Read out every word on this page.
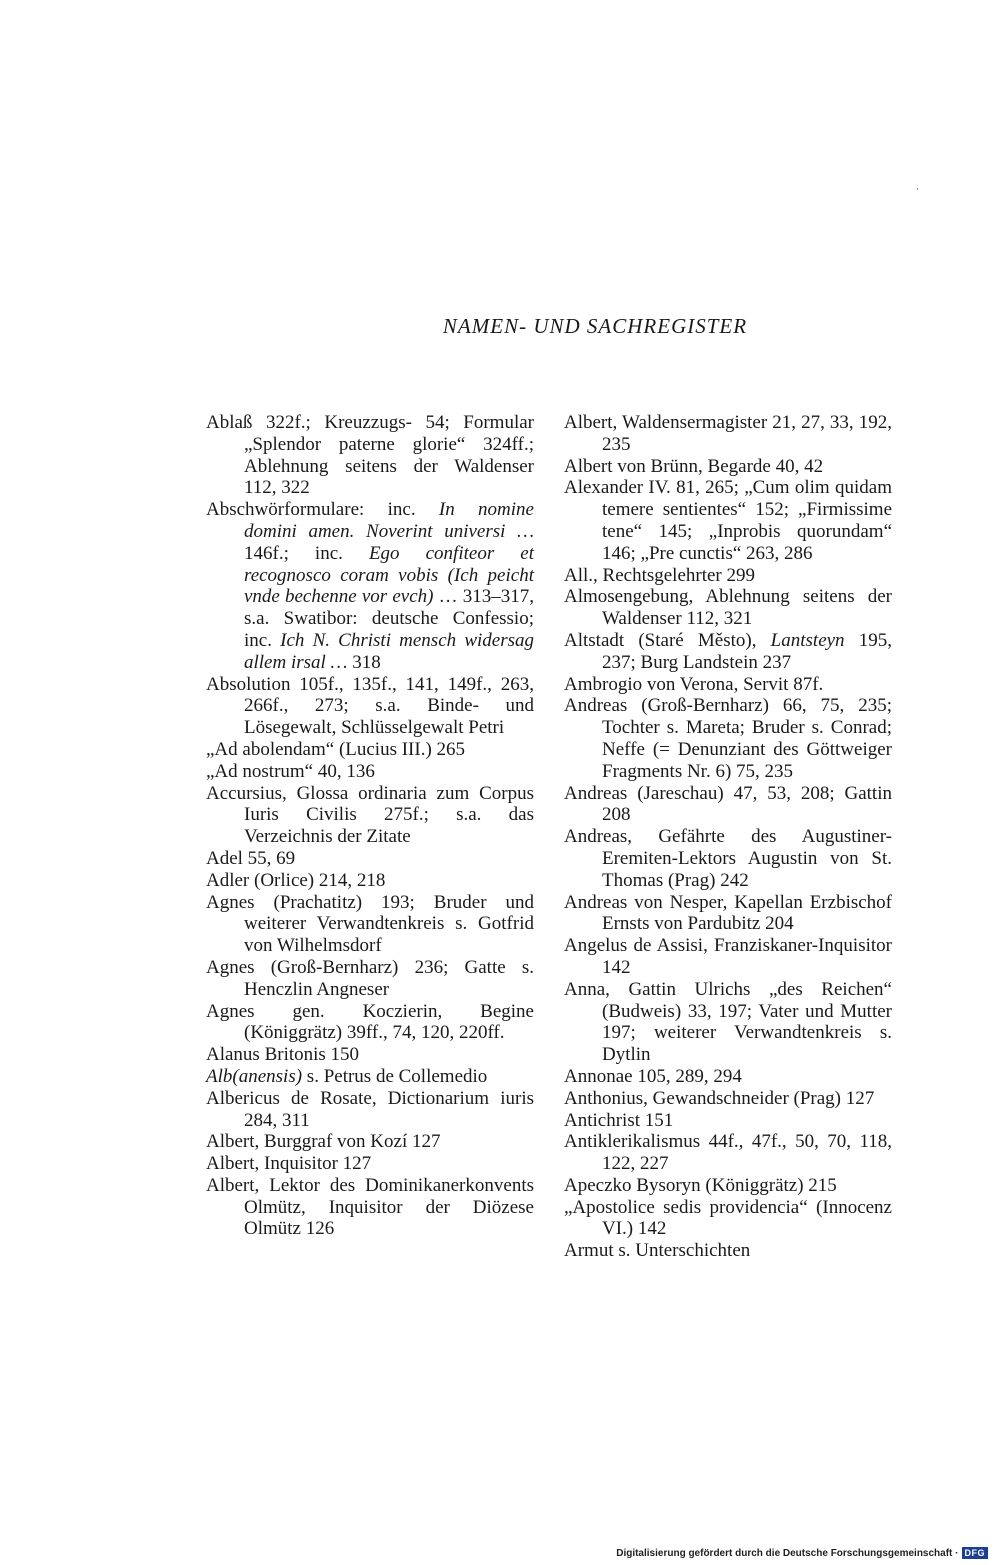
NAMEN- UND SACHREGISTER
Ablaß 322f.; Kreuzzugs- 54; Formular „Splendor paterne glorie“ 324ff.; Ablehnung seitens der Waldenser 112, 322
Abschwörformulare: inc. In nomine domini amen. Noverint universi … 146f.; inc. Ego confiteor et recognosco coram vobis (Ich peicht vnde bechenne vor evch) … 313–317, s.a. Swatibor: deutsche Confessio; inc. Ich N. Christi mensch widersag allem irsal … 318
Absolution 105f., 135f., 141, 149f., 263, 266f., 273; s.a. Binde- und Lösegewalt, Schlüsselgewalt Petri
„Ad abolendam“ (Lucius III.) 265
„Ad nostrum“ 40, 136
Accursius, Glossa ordinaria zum Corpus Iuris Civilis 275f.; s.a. das Verzeichnis der Zitate
Adel 55, 69
Adler (Orlice) 214, 218
Agnes (Prachatitz) 193; Bruder und weiterer Verwandtenkreis s. Gotfrid von Wilhelmsdorf
Agnes (Groß-Bernharz) 236; Gatte s. Henczlin Angneser
Agnes gen. Koczierin, Begine (Königgrätz) 39ff., 74, 120, 220ff.
Alanus Britonis 150
Alb(anensis) s. Petrus de Collemedio
Albericus de Rosate, Dictionarium iuris 284, 311
Albert, Burggraf von Kozí 127
Albert, Inquisitor 127
Albert, Lektor des Dominikanerkonvents Olmütz, Inquisitor der Diözese Olmütz 126
Albert, Waldensermagister 21, 27, 33, 192, 235
Albert von Brünn, Begarde 40, 42
Alexander IV. 81, 265; „Cum olim quidam temere sentientes“ 152; „Firmissime tene“ 145; „Inprobis quorundam“ 146; „Pre cunctis“ 263, 286
All., Rechtsgelehrter 299
Almosengebung, Ablehnung seitens der Waldenser 112, 321
Altstadt (Staré Město), Lantsteyn 195, 237; Burg Landstein 237
Ambrogio von Verona, Servit 87f.
Andreas (Groß-Bernharz) 66, 75, 235; Tochter s. Mareta; Bruder s. Conrad; Neffe (= Denunziant des Göttweiger Fragments Nr. 6) 75, 235
Andreas (Jareschau) 47, 53, 208; Gattin 208
Andreas, Gefährte des Augustiner-Eremiten-Lektors Augustin von St. Thomas (Prag) 242
Andreas von Nesper, Kapellan Erzbischof Ernsts von Pardubitz 204
Angelus de Assisi, Franziskaner-Inquisitor 142
Anna, Gattin Ulrichs „des Reichen“ (Budweis) 33, 197; Vater und Mutter 197; weiterer Verwandtenkreis s. Dytlin
Annonae 105, 289, 294
Anthonius, Gewandschneider (Prag) 127
Antichrist 151
Antiklerikalismus 44f., 47f., 50, 70, 118, 122, 227
Apeczko Bysoryn (Königgrätz) 215
„Apostolice sedis providencia“ (Innocenz VI.) 142
Armut s. Unterschichten
Digitalisierung gefördert durch die Deutsche Forschungsgemeinschaft · DFG
